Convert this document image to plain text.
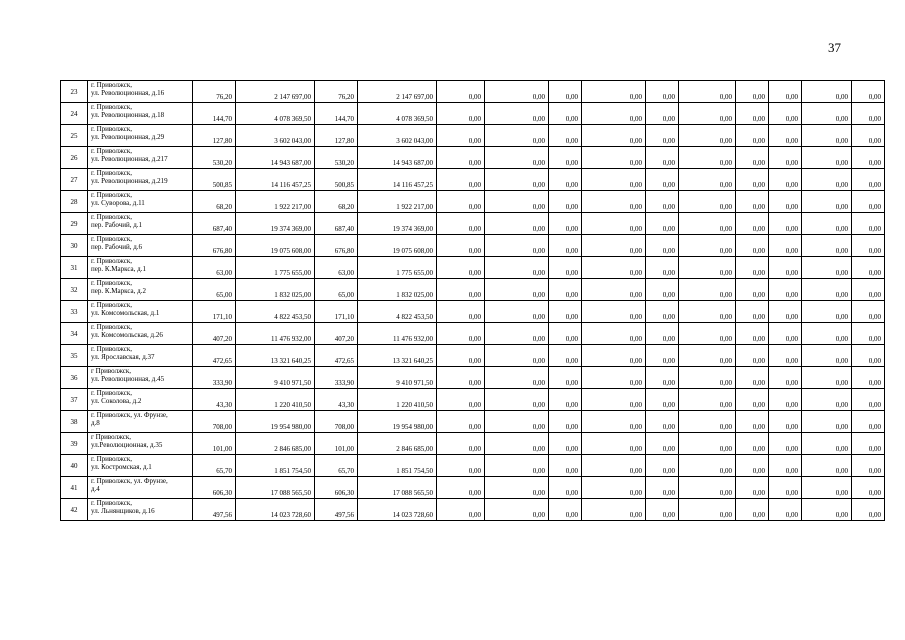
37
23	г. Приволжск,
ул. Революционная, д.16	76,20	2 147 697,00	76,20	2 147 697,00	0,00	0,00	0,00	0,00	0,00	0,00	0,00	0,00	0,00	0,00
24	г. Приволжск,
ул. Революционная, д.18	144,70	4 078 369,50	144,70	4 078 369,50	0,00	0,00	0,00	0,00	0,00	0,00	0,00	0,00	0,00	0,00
25	г. Приволжск,
ул. Революционная, д.29	127,80	3 602 043,00	127,80	3 602 043,00	0,00	0,00	0,00	0,00	0,00	0,00	0,00	0,00	0,00	0,00
26	г. Приволжск,
ул. Революционная, д.217	530,20	14 943 687,00	530,20	14 943 687,00	0,00	0,00	0,00	0,00	0,00	0,00	0,00	0,00	0,00	0,00
27	г. Приволжск,
ул. Революционная, д.219	500,85	14 116 457,25	500,85	14 116 457,25	0,00	0,00	0,00	0,00	0,00	0,00	0,00	0,00	0,00	0,00
28	г. Приволжск,
ул. Суворова, д.11	68,20	1 922 217,00	68,20	1 922 217,00	0,00	0,00	0,00	0,00	0,00	0,00	0,00	0,00	0,00	0,00
29	г. Приволжск,
пер. Рабочий, д.1	687,40	19 374 369,00	687,40	19 374 369,00	0,00	0,00	0,00	0,00	0,00	0,00	0,00	0,00	0,00	0,00
30	г. Приволжск,
пер. Рабочий, д.6	676,80	19 075 608,00	676,80	19 075 608,00	0,00	0,00	0,00	0,00	0,00	0,00	0,00	0,00	0,00	0,00
31	г. Приволжск,
пер. К.Маркса, д.1	63,00	1 775 655,00	63,00	1 775 655,00	0,00	0,00	0,00	0,00	0,00	0,00	0,00	0,00	0,00	0,00
32	г. Приволжск,
пер. К.Маркса, д.2	65,00	1 832 025,00	65,00	1 832 025,00	0,00	0,00	0,00	0,00	0,00	0,00	0,00	0,00	0,00	0,00
33	г. Приволжск,
ул. Комсомольская, д.1	171,10	4 822 453,50	171,10	4 822 453,50	0,00	0,00	0,00	0,00	0,00	0,00	0,00	0,00	0,00	0,00
34	г. Приволжск,
ул. Комсомольская, д.26	407,20	11 476 932,00	407,20	11 476 932,00	0,00	0,00	0,00	0,00	0,00	0,00	0,00	0,00	0,00	0,00
35	г. Приволжск,
ул. Ярославская, д.37	472,65	13 321 640,25	472,65	13 321 640,25	0,00	0,00	0,00	0,00	0,00	0,00	0,00	0,00	0,00	0,00
36	г Приволжск,
ул. Революционная, д.45	333,90	9 410 971,50	333,90	9 410 971,50	0,00	0,00	0,00	0,00	0,00	0,00	0,00	0,00	0,00	0,00
37	г. Приволжск,
ул. Соколова, д.2	43,30	1 220 410,50	43,30	1 220 410,50	0,00	0,00	0,00	0,00	0,00	0,00	0,00	0,00	0,00	0,00
38	г. Приволжск, ул. Фрунзе,
д.8	708,00	19 954 980,00	708,00	19 954 980,00	0,00	0,00	0,00	0,00	0,00	0,00	0,00	0,00	0,00	0,00
39	г Приволжск,
ул.Революционная, д.35	101,00	2 846 685,00	101,00	2 846 685,00	0,00	0,00	0,00	0,00	0,00	0,00	0,00	0,00	0,00	0,00
40	г. Приволжск,
ул. Костромская, д.1	65,70	1 851 754,50	65,70	1 851 754,50	0,00	0,00	0,00	0,00	0,00	0,00	0,00	0,00	0,00	0,00
41	г. Приволжск, ул. Фрунзе,
д.4	606,30	17 088 565,50	606,30	17 088 565,50	0,00	0,00	0,00	0,00	0,00	0,00	0,00	0,00	0,00	0,00
42	г. Приволжск,
ул. Льнянщиков, д.16	497,56	14 023 728,60	497,56	14 023 728,60	0,00	0,00	0,00	0,00	0,00	0,00	0,00	0,00	0,00	0,00
